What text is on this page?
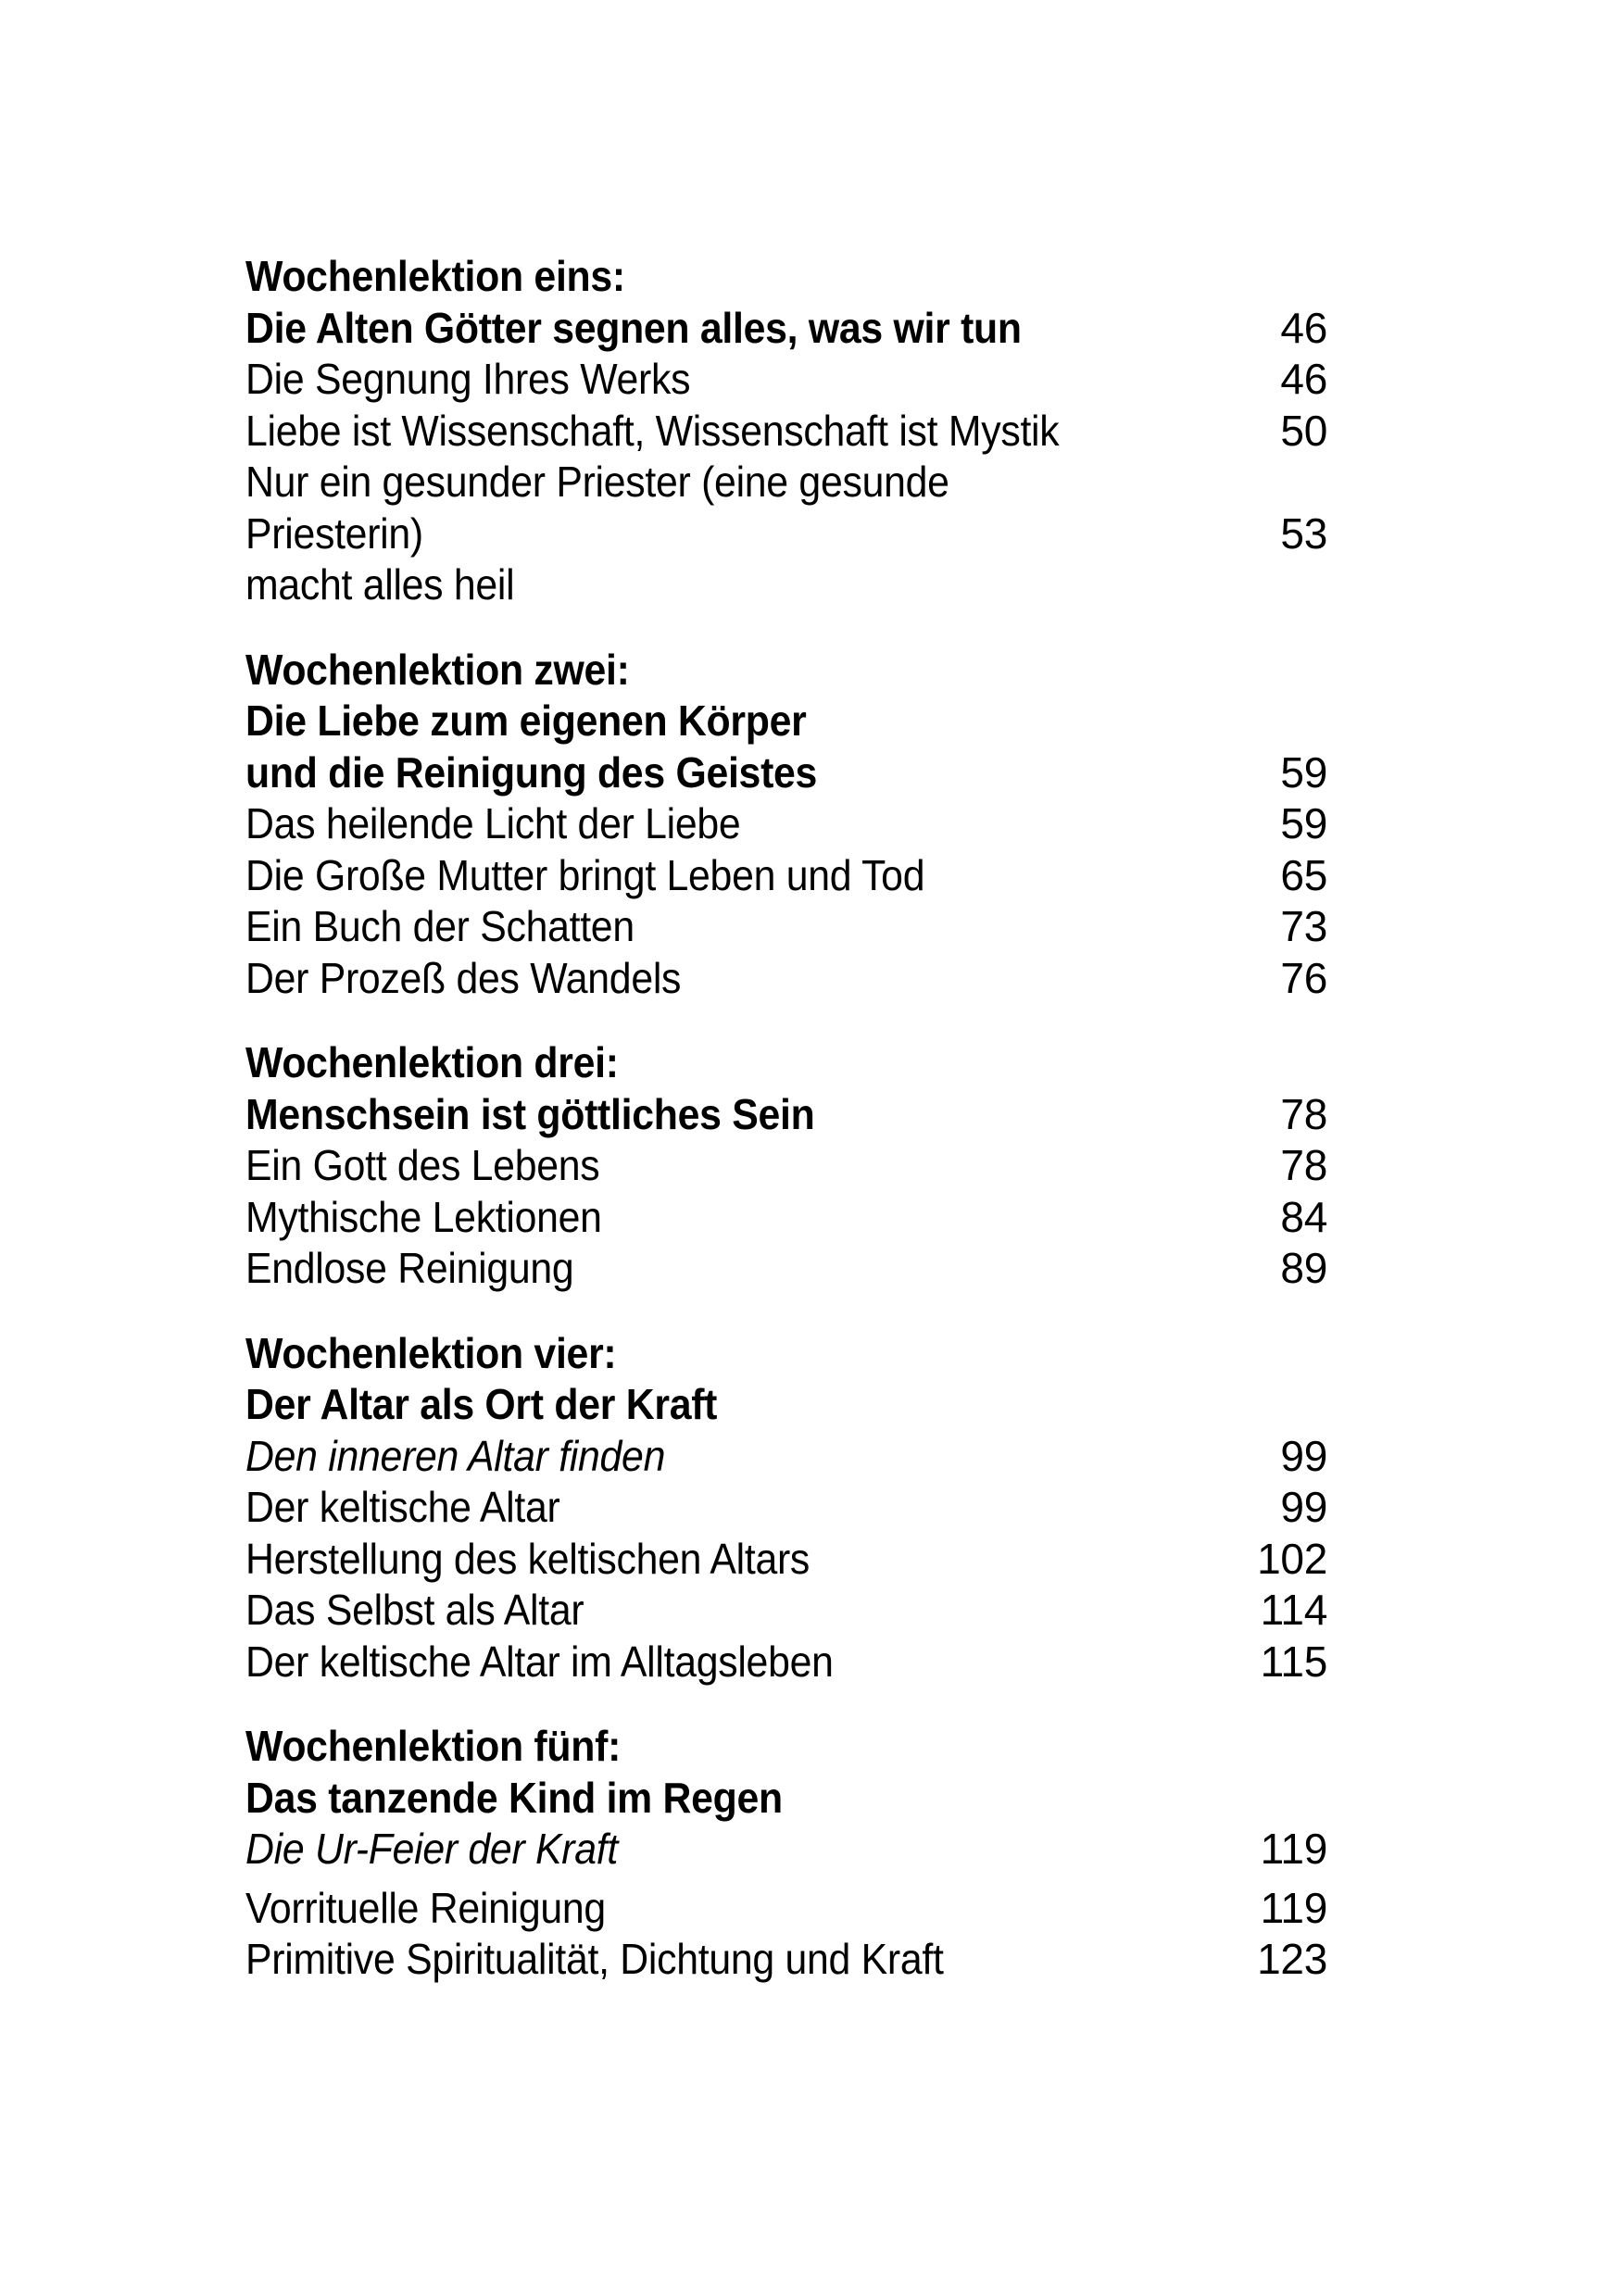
Wochenlektion eins:
Die Alten Götter segnen alles, was wir tun	46
Die Segnung Ihres Werks	46
Liebe ist Wissenschaft, Wissenschaft ist Mystik	50
Nur ein gesunder Priester (eine gesunde
Priesterin)	53
macht alles heil
Wochenlektion zwei:
Die Liebe zum eigenen Körper
und die Reinigung des Geistes	59
Das heilende Licht der Liebe	59
Die Große Mutter bringt Leben und Tod	65
Ein Buch der Schatten	73
Der Prozeß des Wandels	76
Wochenlektion drei:
Menschsein ist göttliches Sein	78
Ein Gott des Lebens	78
Mythische Lektionen	84
Endlose Reinigung	89
Wochenlektion vier:
Der Altar als Ort der Kraft
Den inneren Altar finden	99
Der keltische Altar	99
Herstellung des keltischen Altars	102
Das Selbst als Altar	114
Der keltische Altar im Alltagsleben	115
Wochenlektion fünf:
Das tanzende Kind im Regen
Die Ur-Feier der Kraft	119
Vorrituelle Reinigung	119
Primitive Spiritualität, Dichtung und Kraft	123
